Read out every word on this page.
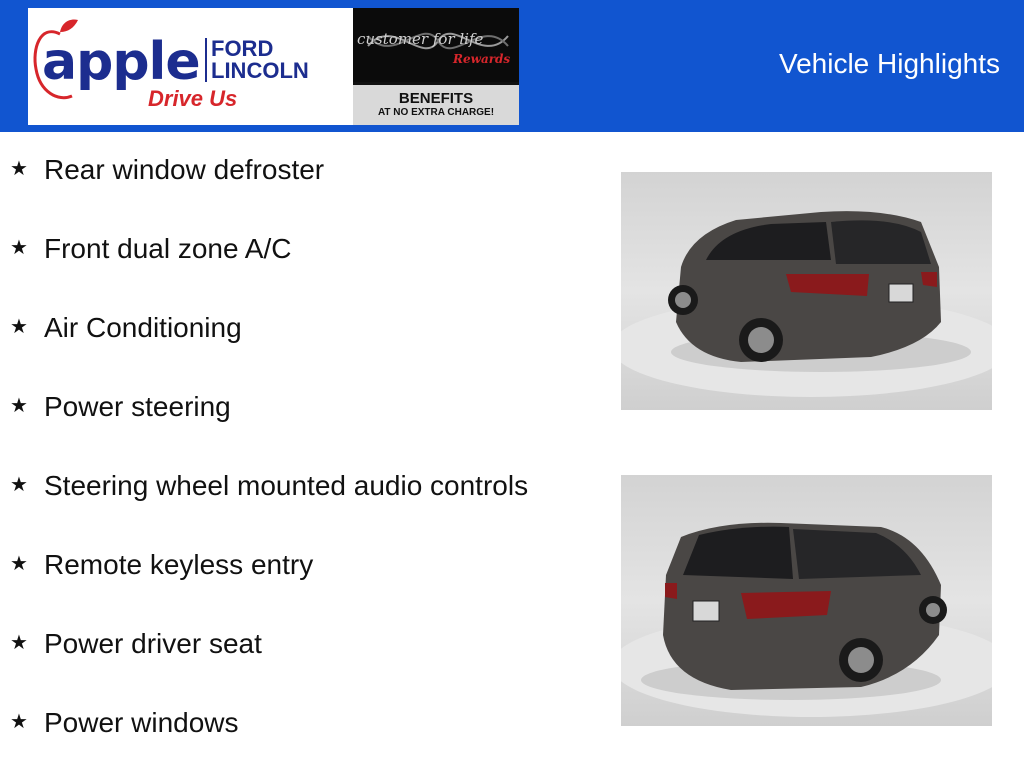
apple FORD
LINCOLN
Drive Us
customer for life
Rewards
BENEFITS
AT NO EXTRA CHARGE!
Vehicle Highlights
★ Rear window defroster
★ Front dual zone A/C
★ Air Conditioning
★ Power steering
★ Steering wheel mounted audio controls
★ Remote keyless entry
★ Power driver seat
★ Power windows
